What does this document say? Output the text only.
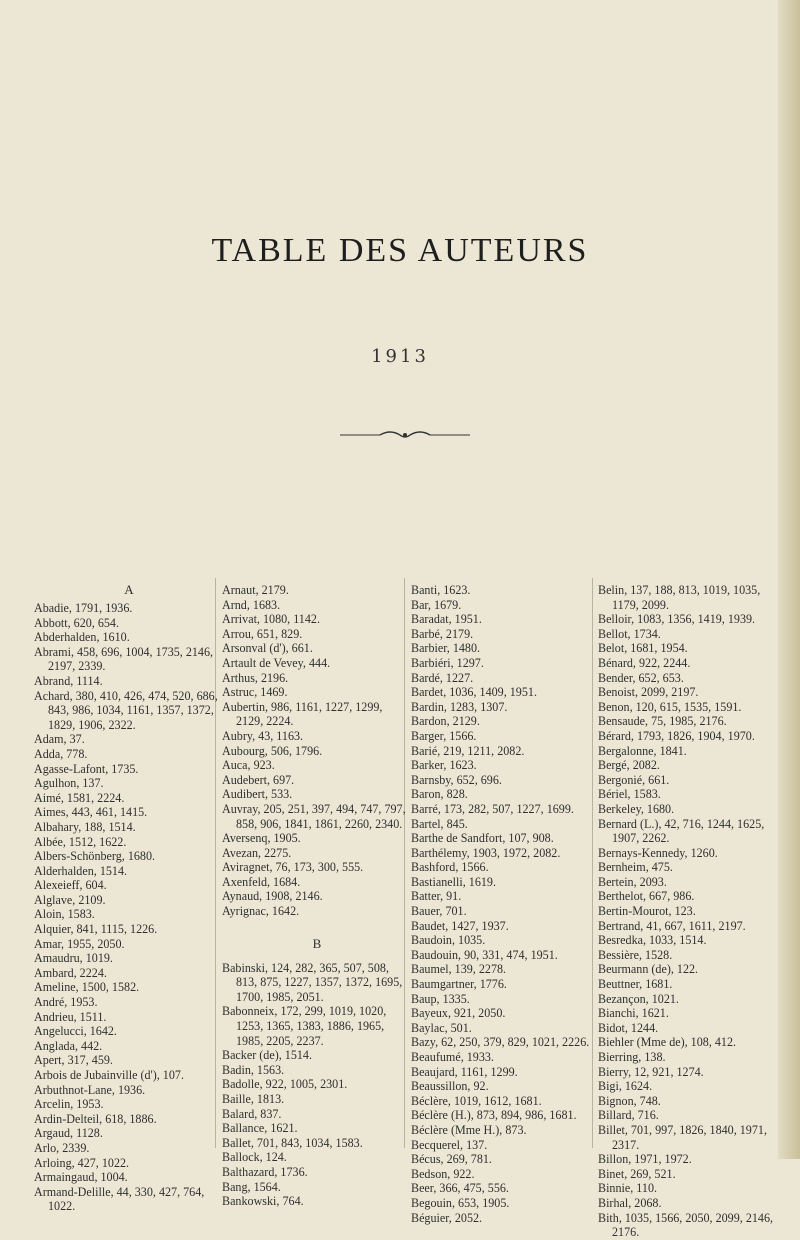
TABLE DES AUTEURS
1913
A
Abadie, 1791, 1936.
Abbott, 620, 654.
Abderhalden, 1610.
Abrami, 458, 696, 1004, 1735, 2146, 2197, 2339.
Abrand, 1114.
Achard, 380, 410, 426, 474, 520, 686, 843, 986, 1034, 1161, 1357, 1372, 1829, 1906, 2322.
Adam, 37.
Adda, 778.
Agasse-Lafont, 1735.
Agulhon, 137.
Aimé, 1581, 2224.
Aimes, 443, 461, 1415.
Albahary, 188, 1514.
Albée, 1512, 1622.
Albers-Schönberg, 1680.
Alderhalden, 1514.
Alexeieff, 604.
Alglave, 2109.
Aloin, 1583.
Alquier, 841, 1115, 1226.
Amar, 1955, 2050.
Amaudru, 1019.
Ambard, 2224.
Ameline, 1500, 1582.
André, 1953.
Andrieu, 1511.
Angelucci, 1642.
Anglada, 442.
Apert, 317, 459.
Arbois de Jubainville (d'), 107.
Arbuthnot-Lane, 1936.
Arcelin, 1953.
Ardin-Delteil, 618, 1886.
Argaud, 1128.
Arlo, 2339.
Arloing, 427, 1022.
Armaingaud, 1004.
Armand-Delille, 44, 330, 427, 764, 1022.
Arnaut, 2179.
Arnd, 1683.
Arrivat, 1080, 1142.
Arrou, 651, 829.
Arsonval (d'), 661.
Artault de Vevey, 444.
Arthus, 2196.
Astruc, 1469.
Aubertin, 986, 1161, 1227, 1299, 2129, 2224.
Aubry, 43, 1163.
Aubourg, 506, 1796.
Auca, 923.
Audebert, 697.
Audibert, 533.
Auvray, 205, 251, 397, 494, 747, 797, 858, 906, 1841, 1861, 2260, 2340.
Aversenq, 1905.
Avezan, 2275.
Aviragnet, 76, 173, 300, 555.
Axenfeld, 1684.
Aynaud, 1908, 2146.
Ayrignac, 1642.
B
Babinski, 124, 282, 365, 507, 508, 813, 875, 1227, 1357, 1372, 1695, 1700, 1985, 2051.
Babonneix, 172, 299, 1019, 1020, 1253, 1365, 1383, 1886, 1965, 1985, 2205, 2237.
Backer (de), 1514.
Badin, 1563.
Badolle, 922, 1005, 2301.
Baille, 1813.
Balard, 837.
Ballance, 1621.
Ballet, 701, 843, 1034, 1583.
Ballock, 124.
Balthazard, 1736.
Bang, 1564.
Bankowski, 764.
Banti, 1623.
Bar, 1679.
Baradat, 1951.
Barbé, 2179.
Barbier, 1480.
Barbiéri, 1297.
Bardé, 1227.
Bardet, 1036, 1409, 1951.
Bardin, 1283, 1307.
Bardon, 2129.
Barger, 1566.
Barié, 219, 1211, 2082.
Barker, 1623.
Barnsby, 652, 696.
Baron, 828.
Barré, 173, 282, 507, 1227, 1699.
Bartel, 845.
Barthe de Sandfort, 107, 908.
Barthélemy, 1903, 1972, 2082.
Bashford, 1566.
Bastianelli, 1619.
Batter, 91.
Bauer, 701.
Baudet, 1427, 1937.
Baudoin, 1035.
Baudouin, 90, 331, 474, 1951.
Baumel, 139, 2278.
Baumgartner, 1776.
Baup, 1335.
Bayeux, 921, 2050.
Baylac, 501.
Bazy, 62, 250, 379, 829, 1021, 2226.
Beaufumé, 1933.
Beaujard, 1161, 1299.
Beaussillon, 92.
Béclère, 1019, 1612, 1681.
Béclère (H.), 873, 894, 986, 1681.
Béclère (Mme H.), 873.
Becquerel, 137.
Bécus, 269, 781.
Bedson, 922.
Beer, 366, 475, 556.
Begouin, 653, 1905.
Béguier, 2052.
Belin, 137, 188, 813, 1019, 1035, 1179, 2099.
Belloir, 1083, 1356, 1419, 1939.
Bellot, 1734.
Belot, 1681, 1954.
Bénard, 922, 2244.
Bender, 652, 653.
Benoist, 2099, 2197.
Benon, 120, 615, 1535, 1591.
Bensaude, 75, 1985, 2176.
Bérard, 1793, 1826, 1904, 1970.
Bergalonne, 1841.
Bergé, 2082.
Bergonié, 661.
Bériel, 1583.
Berkeley, 1680.
Bernard (L.), 42, 716, 1244, 1625, 1907, 2262.
Bernays-Kennedy, 1260.
Bernheim, 475.
Bertein, 2093.
Berthelot, 667, 986.
Bertin-Mourot, 123.
Bertrand, 41, 667, 1611, 2197.
Besredka, 1033, 1514.
Bessière, 1528.
Beurmann (de), 122.
Beuttner, 1681.
Bezançon, 1021.
Bianchi, 1621.
Bidot, 1244.
Biehler (Mme de), 108, 412.
Bierring, 138.
Bierry, 12, 921, 1274.
Bigi, 1624.
Bignon, 748.
Billard, 716.
Billet, 701, 997, 1826, 1840, 1971, 2317.
Billon, 1971, 1972.
Binet, 269, 521.
Binnie, 110.
Birhal, 2068.
Bith, 1035, 1566, 2050, 2099, 2146, 2176.
